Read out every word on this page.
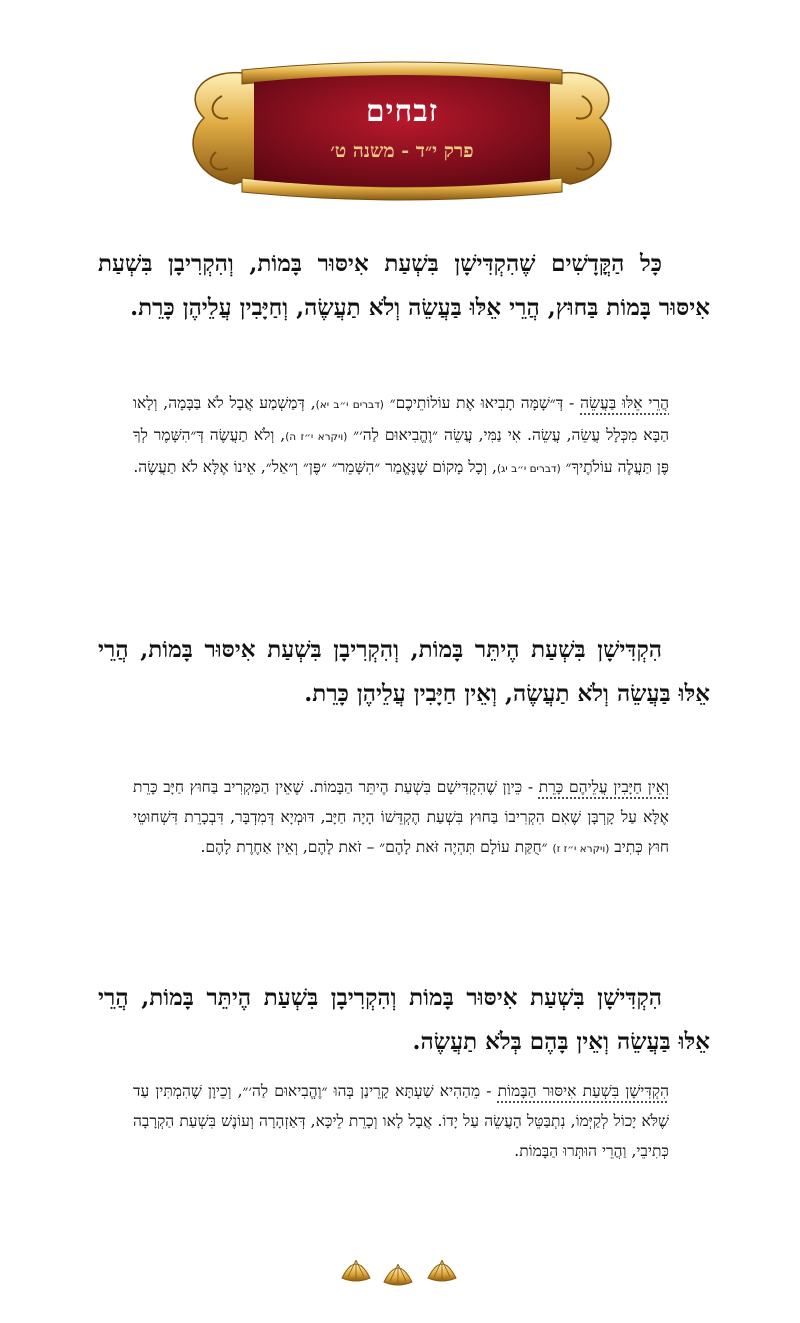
זבחים
פרק י״ד - משנה ט׳
כָּל הַקֳּדָשִׁים שֶׁהִקְדִּישָׁן בִּשְׁעַת אִיסּוּר בָּמוֹת, וְהִקְרִיבָן בִּשְׁעַת אִיסּוּר בָּמוֹת בַּחוּץ, הֲרֵי אֵלּוּ בַּעֲשֵׂה וְלֹא תַעֲשֶׂה, וְחַיָּבִין עֲלֵיהֶן כָּרֵת.
הֲרֵי אֵלּוּ בַּעֲשֵׂה - דְּ״שָׁמָּה תָבִיאוּ אֶת עוֹלוֹתֵיכֶם״ (דברים י״ב יא), דְּמַשְׁמַע אֲבָל לֹא בַּבָּמָה, וְלָאו הַבָּא מִכְּלָל עֲשֵׂה, עֲשֵׂה. אִי נַמִּי, עֲשֵׂה ״וֶהֱבִיאוּם לַה׳״ (ויקרא י״ז ה), וְלֹא תַעֲשֶׂה דְּ״הִשָּׁמֶר לְךָ פֶּן תַּעֲלֶה עוֹלֹתֶיךָ״ (דברים י״ב יג), וְכָל מָקוֹם שֶׁנֶּאֱמַר ״הִשָּׁמֵר״ ״פֶּן״ וְ״אַל״, אֵינוֹ אֶלָּא לֹא תַעֲשֶׂה.
הִקְדִּישָׁן בִּשְׁעַת הֶיתֵּר בָּמוֹת, וְהִקְרִיבָן בִּשְׁעַת אִיסּוּר בָּמוֹת, הֲרֵי אֵלּוּ בַּעֲשֵׂה וְלֹא תַעֲשֶׂה, וְאֵין חַיָּבִין עֲלֵיהֶן כָּרֵת.
וְאֵין חַיָּבִין עֲלֵיהֶם כָּרֵת - כֵּיוָן שֶׁהִקְדִּישָׁם בִּשְׁעַת הֶיתֵּר הַבָּמוֹת. שֶׁאֵין הַמַּקְרִיב בַּחוּץ חַיָּב כָּרֵת אֶלָּא עַל קָרְבָּן שֶׁאִם הִקְרִיבוֹ בַּחוּץ בִּשְׁעַת הֶקְדֵּשׁוֹ הָיָה חַיָּב, דּוּמְיָא דְּמִדְבָּר, דִּבְכָרֵת דִּשְׁחוּטֵי חוּץ כְּתִיב (ויקרא י״ז ז) ״חֻקַּת עוֹלָם תִּהְיֶה זֹּאת לָהֶם״ – זֹאת לָהֶם, וְאֵין אַחֶרֶת לָהֶם.
הִקְדִּישָׁן בִּשְׁעַת אִיסּוּר בָּמוֹת וְהִקְרִיבָן בִּשְׁעַת הֶיתֵּר בָּמוֹת, הֲרֵי אֵלּוּ בַּעֲשֵׂה וְאֵין בָּהֶם בְּלֹא תַעֲשֶׂה.
הִקְדִּישָׁן בִּשְׁעַת אִיסּוּר הַבָּמוֹת - מֵהַהִיא שַׁעְתָּא קָרֵינַן בְּהוּ ״וֶהֱבִיאוּם לַה׳״, וְכֵיוָן שֶׁהִמְתִּין עַד שֶׁלֹּא יָכוֹל לְקַיְּמוֹ, נִתְבַּטֵּל הָעֲשֵׂה עַל יָדוֹ. אֲבָל לָאו וְכָרֵת לֵיכָּא, דְּאַזְהָרָה וְעוֹנֶשׁ בִּשְׁעַת הַקְרָבָה כְּתִיבֵי, וַהֲרֵי הוּתְּרוּ הַבָּמוֹת.
